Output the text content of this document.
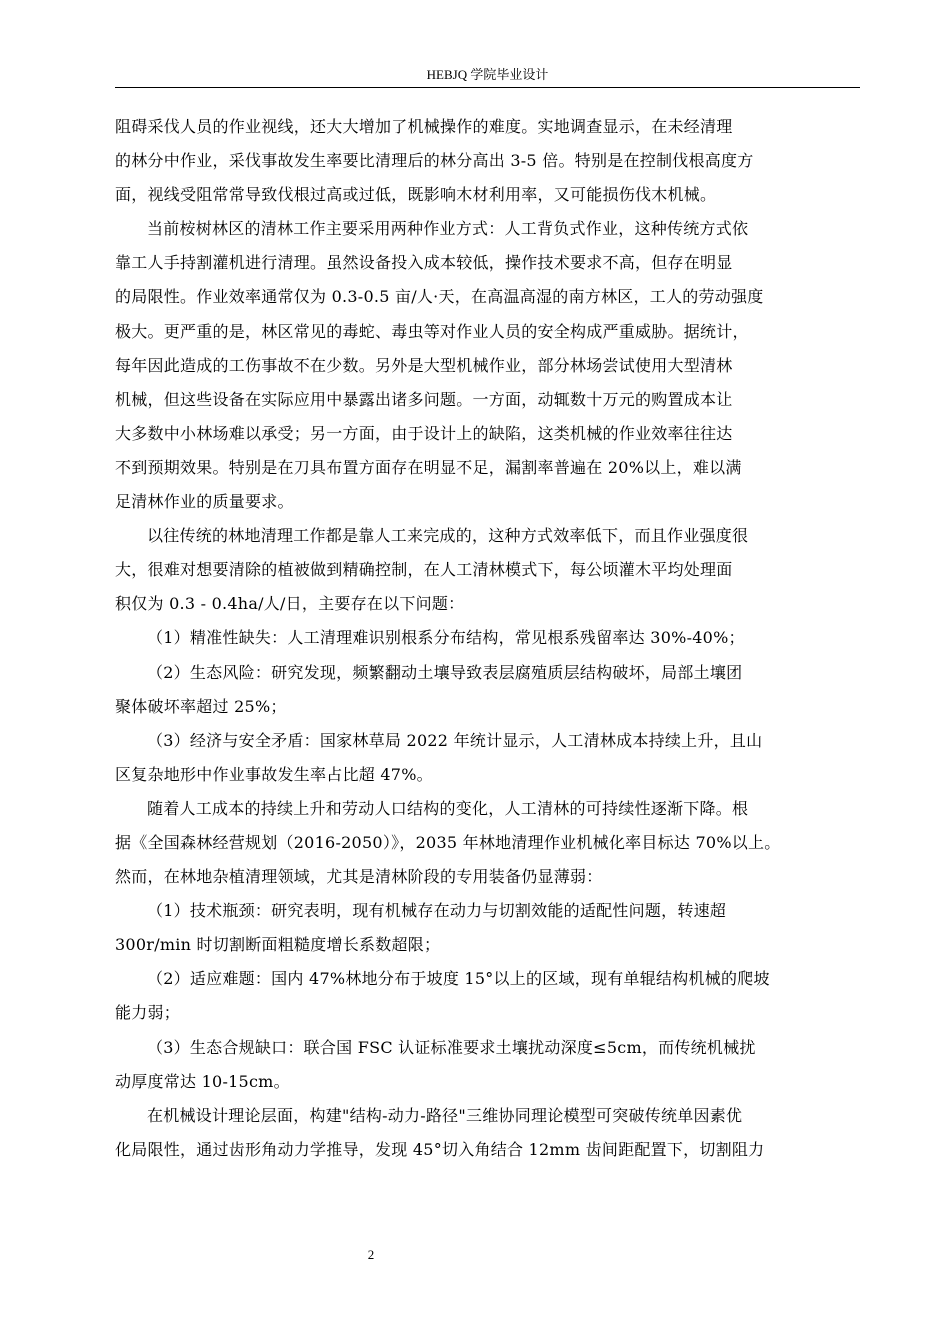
HEBJQ 学院毕业设计
阻碍采伐人员的作业视线，还大大增加了机械操作的难度。实地调查显示，在未经清理
的林分中作业，采伐事故发生率要比清理后的林分高出 3-5 倍。特别是在控制伐根高度方
面，视线受阻常常导致伐根过高或过低，既影响木材利用率，又可能损伤伐木机械。
当前桉树林区的清林工作主要采用两种作业方式：人工背负式作业，这种传统方式依
靠工人手持割灌机进行清理。虽然设备投入成本较低，操作技术要求不高，但存在明显
的局限性。作业效率通常仅为 0.3-0.5 亩/人·天，在高温高湿的南方林区，工人的劳动强度
极大。更严重的是，林区常见的毒蛇、毒虫等对作业人员的安全构成严重威胁。据统计，
每年因此造成的工伤事故不在少数。另外是大型机械作业，部分林场尝试使用大型清林
机械，但这些设备在实际应用中暴露出诸多问题。一方面，动辄数十万元的购置成本让
大多数中小林场难以承受；另一方面，由于设计上的缺陷，这类机械的作业效率往往达
不到预期效果。特别是在刀具布置方面存在明显不足，漏割率普遍在 20%以上，难以满
足清林作业的质量要求。
以往传统的林地清理工作都是靠人工来完成的，这种方式效率低下，而且作业强度很
大，很难对想要清除的植被做到精确控制，在人工清林模式下，每公顷灌木平均处理面
积仅为 0.3 - 0.4ha/人/日，主要存在以下问题：
（1）精准性缺失：人工清理难识别根系分布结构，常见根系残留率达 30%-40%；
（2）生态风险：研究发现，频繁翻动土壤导致表层腐殖质层结构破坏，局部土壤团
聚体破坏率超过 25%；
（3）经济与安全矛盾：国家林草局 2022 年统计显示，人工清林成本持续上升，且山
区复杂地形中作业事故发生率占比超 47%。
随着人工成本的持续上升和劳动人口结构的变化，人工清林的可持续性逐渐下降。根
据《全国森林经营规划（2016-2050）》，2035 年林地清理作业机械化率目标达 70%以上。
然而，在林地杂植清理领域，尤其是清林阶段的专用装备仍显薄弱：
（1）技术瓶颈：研究表明，现有机械存在动力与切割效能的适配性问题，转速超
300r/min 时切割断面粗糙度增长系数超限；
（2）适应难题：国内 47%林地分布于坡度 15°以上的区域，现有单辊结构机械的爬坡
能力弱；
（3）生态合规缺口：联合国 FSC 认证标准要求土壤扰动深度≤5cm，而传统机械扰
动厚度常达 10-15cm。
在机械设计理论层面，构建"结构-动力-路径"三维协同理论模型可突破传统单因素优
化局限性，通过齿形角动力学推导，发现 45°切入角结合 12mm 齿间距配置下，切割阻力
2
